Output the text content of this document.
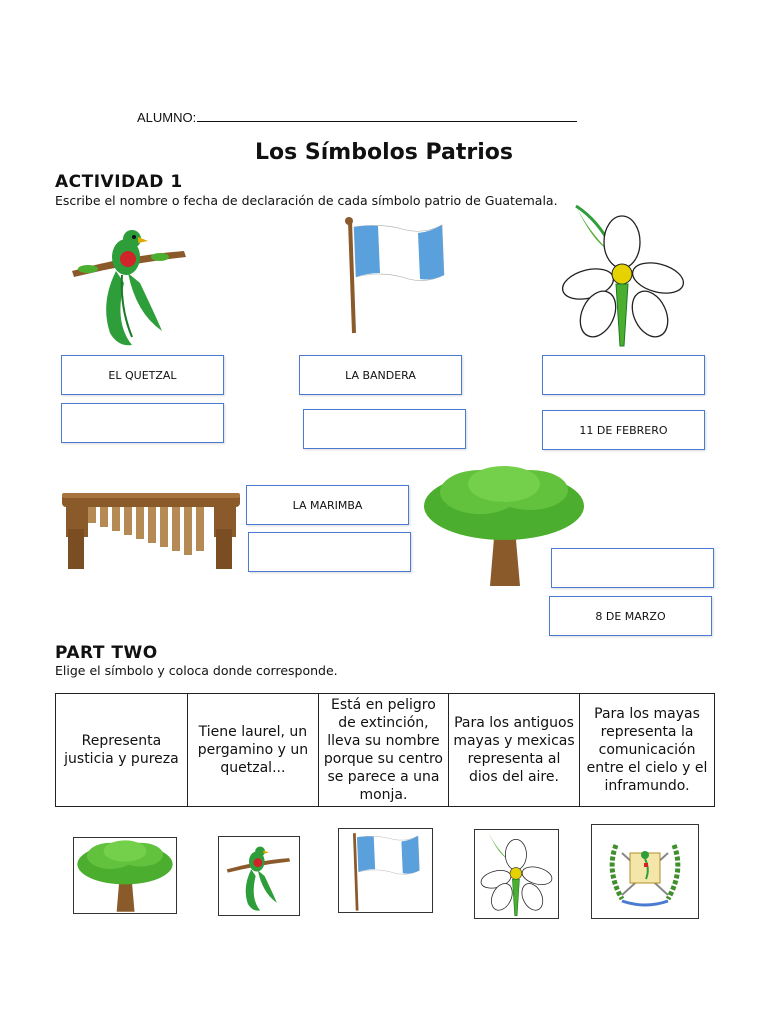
ALUMNO:
Los Símbolos Patrios
ACTIVIDAD 1
Escribe el nombre o fecha de declaración de cada símbolo patrio de Guatemala.
EL QUETZAL	LA BANDERA
11 DE FEBRERO
LA MARIMBA
8 DE MARZO
PART TWO
Elige el símbolo y coloca donde corresponde.
Representa justicia y pureza	Tiene laurel, un pergamino y un quetzal...	Está en peligro de extinción, lleva su nombre porque su centro se parece a una monja.	Para los antiguos mayas y mexicas representa al dios del aire.	Para los mayas representa la comunicación entre el cielo y el inframundo.
